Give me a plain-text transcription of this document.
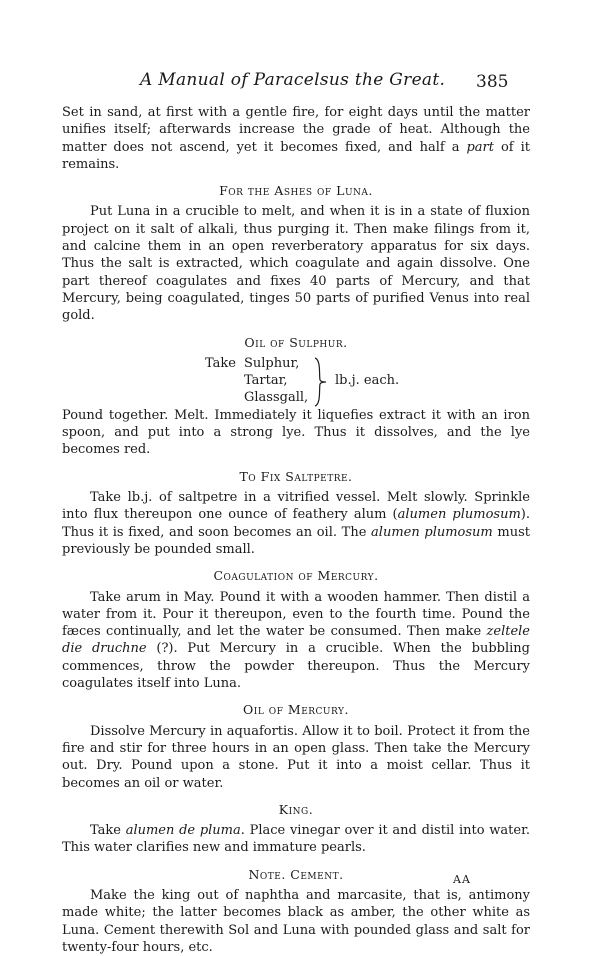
A Manual of Paracelsus the Great. 385

Set in sand, at first with a gentle fire, for eight days until the matter unifies itself; afterwards increase the grade of heat. Although the matter does not ascend, yet it becomes fixed, and half a part of it remains.

For the Ashes of Luna.

Put Luna in a crucible to melt, and when it is in a state of fluxion project on it salt of alkali, thus purging it. Then make filings from it, and calcine them in an open reverberatory apparatus for six days. Thus the salt is extracted, which coagulate and again dissolve. One part thereof coagulates and fixes 40 parts of Mercury, and that Mercury, being coagulated, tinges 50 parts of purified Venus into real gold.

Oil of Sulphur.
Take Sulphur,
Tartar,
Glassgall,
lb.j. each.

Pound together. Melt. Immediately it liquefies extract it with an iron spoon, and put into a strong lye. Thus it dissolves, and the lye becomes red.

To Fix Saltpetre.

Take lb.j. of saltpetre in a vitrified vessel. Melt slowly. Sprinkle into flux thereupon one ounce of feathery alum (alumen plumosum). Thus it is fixed, and soon becomes an oil. The alumen plumosum must previously be pounded small.

Coagulation of Mercury.

Take arum in May. Pound it with a wooden hammer. Then distil a water from it. Pour it thereupon, even to the fourth time. Pound the fæces continually, and let the water be consumed. Then make zeltele die druchne (?). Put Mercury in a crucible. When the bubbling commences, throw the powder thereupon. Thus the Mercury coagulates itself into Luna.

Oil of Mercury.

Dissolve Mercury in aquafortis. Allow it to boil. Protect it from the fire and stir for three hours in an open glass. Then take the Mercury out. Dry. Pound upon a stone. Put it into a moist cellar. Thus it becomes an oil or water.

King.

Take alumen de pluma. Place vinegar over it and distil into water. This water clarifies new and immature pearls.

Note. Cement.

Make the king out of naphtha and marcasite, that is, antimony made white; the latter becomes black as amber, the other white as Luna. Cement therewith Sol and Luna with pounded glass and salt for twenty-four hours, etc.

AA
